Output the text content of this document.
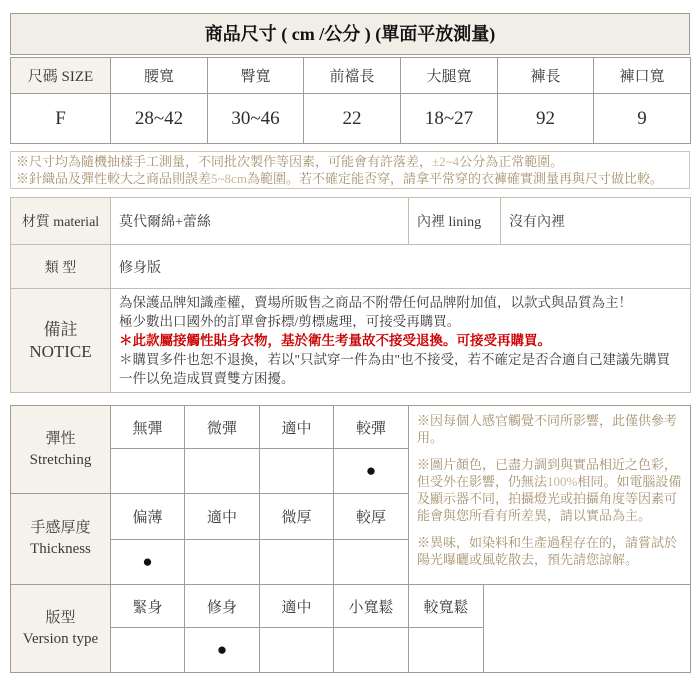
商品尺寸 ( cm /公分 ) (單面平放測量)
尺碼 SIZE	腰寬	臀寬	前襠長	大腿寬	褲長	褲口寬
F	28~42	30~46	22	18~27	92	9
※尺寸均為隨機抽樣手工測量，不同批次製作等因素，可能會有許落差，±2~4公分為正常範圍。
※針織品及彈性較大之商品則誤差5~8cm為範圍。若不確定能否穿，請拿平常穿的衣褲確實測量再與尺寸做比較。
材質 material	莫代爾綿+蕾絲	內裡 lining	沒有內裡
類 型	修身版		

備註
NOTICE

為保護品牌知識產權，賣場所販售之商品不附帶任何品牌附加值，以款式與品質為主！
極少數出口國外的訂單會拆標/剪標處理，可接受再購買。
＊此款屬接觸性貼身衣物，基於衛生考量故不接受退換。可接受再購買。
＊購買多件也恕不退換，若以"只試穿一件為由"也不接受，若不確定是否合適自己建議先購買一件以免造成買賣雙方困擾。
彈性
Stretching
	無彈	微彈	適中	較彈	※因每個人感官觸覺不同所影響，此僅供參考用。

※圖片顏色，已盡力調到與實品相近之色彩，但受外在影響，仍無法100%相同。如電腦設備及顯示器不同，拍攝燈光或拍攝角度等因素可能會與您所看有所差異，請以實品為主。

※異味，如染料和生產過程存在的，請嘗試於陽光曝曬或風乾散去，預先請您諒解。

				●		

手感厚度
Thickness	偏薄	適中	微厚	較厚		
	●					

版型
Version type	緊身	修身	適中	小寬鬆	較寬鬆	
		●				
